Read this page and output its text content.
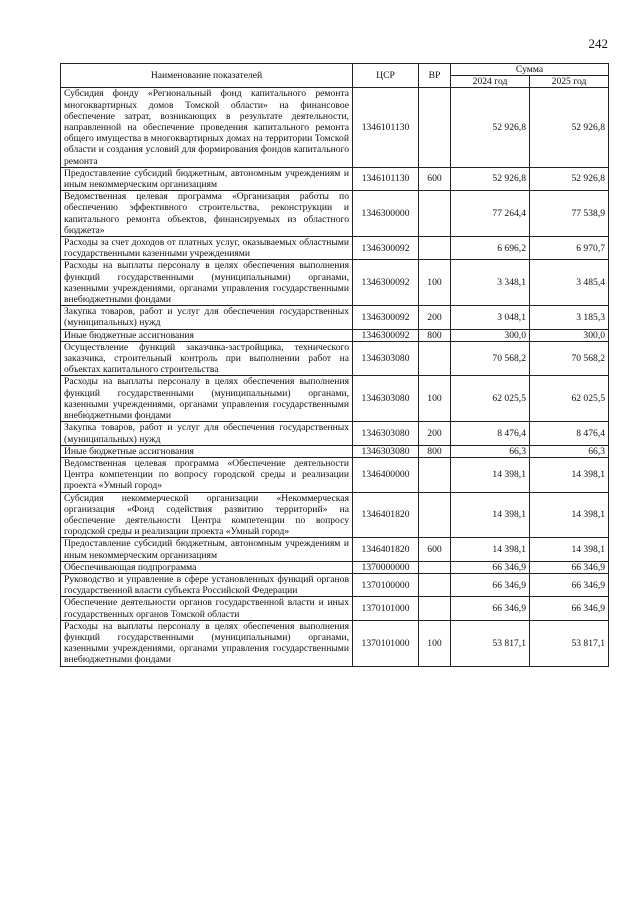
242
Наименование показателей	ЦСР	ВР	Сумма	
			2024 год	2025 год
Субсидия фонду «Региональный фонд капитального ремонта многоквартирных домов Томской области» на финансовое обеспечение затрат, возникающих в результате деятельности, направленной на обеспечение проведения капитального ремонта общего имущества в многоквартирных домах на территории Томской области и создания условий для формирования фондов капитального ремонта	1346101130		52 926,8	52 926,8
Предоставление субсидий бюджетным, автономным учреждениям и иным некоммерческим организациям	1346101130	600	52 926,8	52 926,8
Ведомственная целевая программа «Организация работы по обеспечению эффективного строительства, реконструкции и капитального ремонта объектов, финансируемых из областного бюджета»	1346300000		77 264,4	77 538,9
Расходы за счет доходов от платных услуг, оказываемых областными государственными казенными учреждениями	1346300092		6 696,2	6 970,7
Расходы на выплаты персоналу в целях обеспечения выполнения функций государственными (муниципальными) органами, казенными учреждениями, органами управления государственными внебюджетными фондами	1346300092	100	3 348,1	3 485,4
Закупка товаров, работ и услуг для обеспечения государственных (муниципальных) нужд	1346300092	200	3 048,1	3 185,3
Иные бюджетные ассигнования	1346300092	800	300,0	300,0
Осуществление функций заказчика-застройщика, технического заказчика, строительный контроль при выполнении работ на объектах капитального строительства	1346303080		70 568,2	70 568,2
Расходы на выплаты персоналу в целях обеспечения выполнения функций государственными (муниципальными) органами, казенными учреждениями, органами управления государственными внебюджетными фондами	1346303080	100	62 025,5	62 025,5
Закупка товаров, работ и услуг для обеспечения государственных (муниципальных) нужд	1346303080	200	8 476,4	8 476,4
Иные бюджетные ассигнования	1346303080	800	66,3	66,3
Ведомственная целевая программа «Обеспечение деятельности Центра компетенции по вопросу городской среды и реализации проекта «Умный город»	1346400000		14 398,1	14 398,1
Субсидия некоммерческой организации «Некоммерческая организация «Фонд содействия развитию территорий» на обеспечение деятельности Центра компетенции по вопросу городской среды и реализации проекта «Умный город»	1346401820		14 398,1	14 398,1
Предоставление субсидий бюджетным, автономным учреждениям и иным некоммерческим организациям	1346401820	600	14 398,1	14 398,1
Обеспечивающая подпрограмма	1370000000		66 346,9	66 346,9
Руководство и управление в сфере установленных функций органов государственной власти субъекта Российской Федерации	1370100000		66 346,9	66 346,9
Обеспечение деятельности органов государственной власти и иных государственных органов Томской области	1370101000		66 346,9	66 346,9
Расходы на выплаты персоналу в целях обеспечения выполнения функций государственными (муниципальными) органами, казенными учреждениями, органами управления государственными внебюджетными фондами	1370101000	100	53 817,1	53 817,1
